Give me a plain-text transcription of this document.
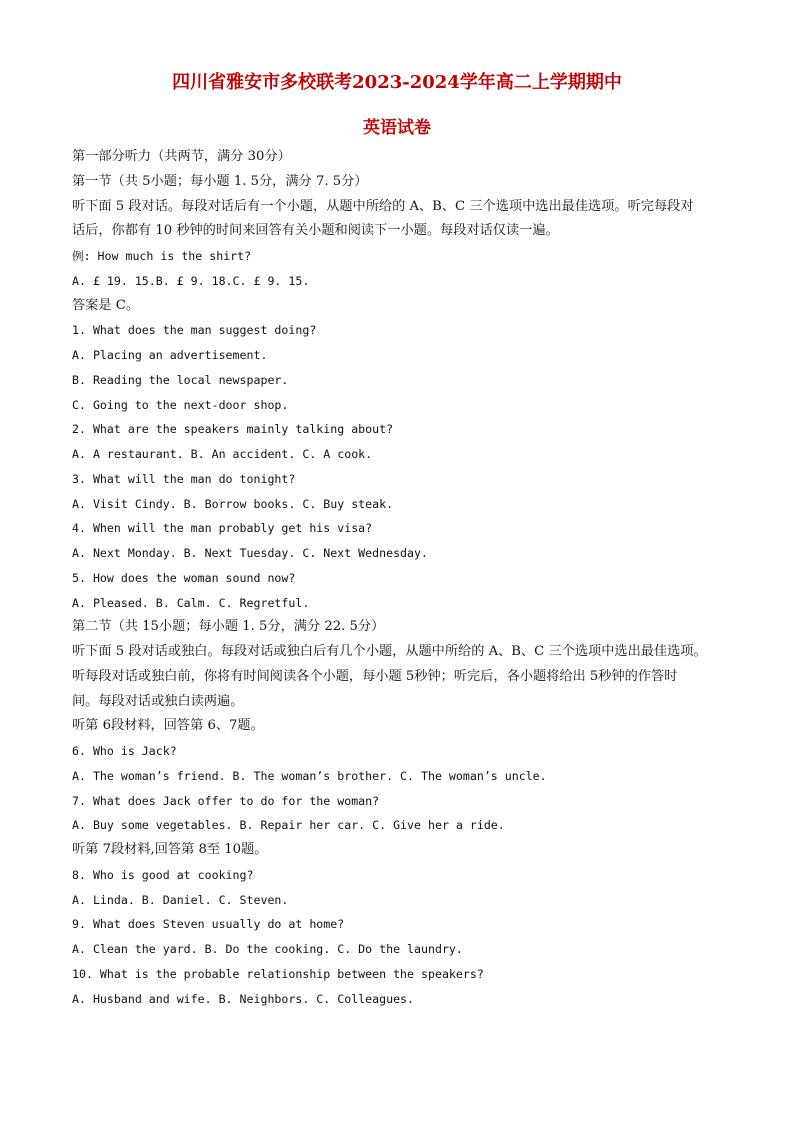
四川省雅安市多校联考2023-2024学年高二上学期期中
英语试卷
第一部分听力（共两节，满分 30分）
第一节（共 5小题；每小题 1. 5分，满分 7. 5分）
听下面 5 段对话。每段对话后有一个小题，从题中所给的 A、B、C 三个选项中选出最佳选项。听完每段对
话后，你都有 10 秒钟的时间来回答有关小题和阅读下一小题。每段对话仅读一遍。
例: How much is the shirt?
A. £ 19. 15.B. £ 9. 18.C. £ 9. 15.
答案是 C。
1. What does the man suggest doing?
A. Placing an advertisement.
B. Reading the local newspaper.
C. Going to the next-door shop.
2. What are the speakers mainly talking about?
A. A restaurant. B. An accident. C. A cook.
3. What will the man do tonight?
A. Visit Cindy. B. Borrow books. C. Buy steak.
4. When will the man probably get his visa?
A. Next Monday. B. Next Tuesday. C. Next Wednesday.
5. How does the woman sound now?
A. Pleased. B. Calm. C. Regretful.
第二节（共 15小题；每小题 1. 5分，满分 22. 5分）
听下面 5 段对话或独白。每段对话或独白后有几个小题，从题中所给的 A、B、C 三个选项中选出最佳选项。
听每段对话或独白前，你将有时间阅读各个小题，每小题 5秒钟；听完后，各小题将给出 5秒钟的作答时
间。每段对话或独白读两遍。
听第 6段材料，回答第 6、7题。
6. Who is Jack?
A. The woman’s friend. B. The woman’s brother. C. The woman’s uncle.
7. What does Jack offer to do for the woman?
A. Buy some vegetables. B. Repair her car. C. Give her a ride.
听第 7段材料,回答第 8至 10题。
8. Who is good at cooking?
A. Linda. B. Daniel. C. Steven.
9. What does Steven usually do at home?
A. Clean the yard. B. Do the cooking. C. Do the laundry.
10. What is the probable relationship between the speakers?
A. Husband and wife. B. Neighbors. C. Colleagues.
